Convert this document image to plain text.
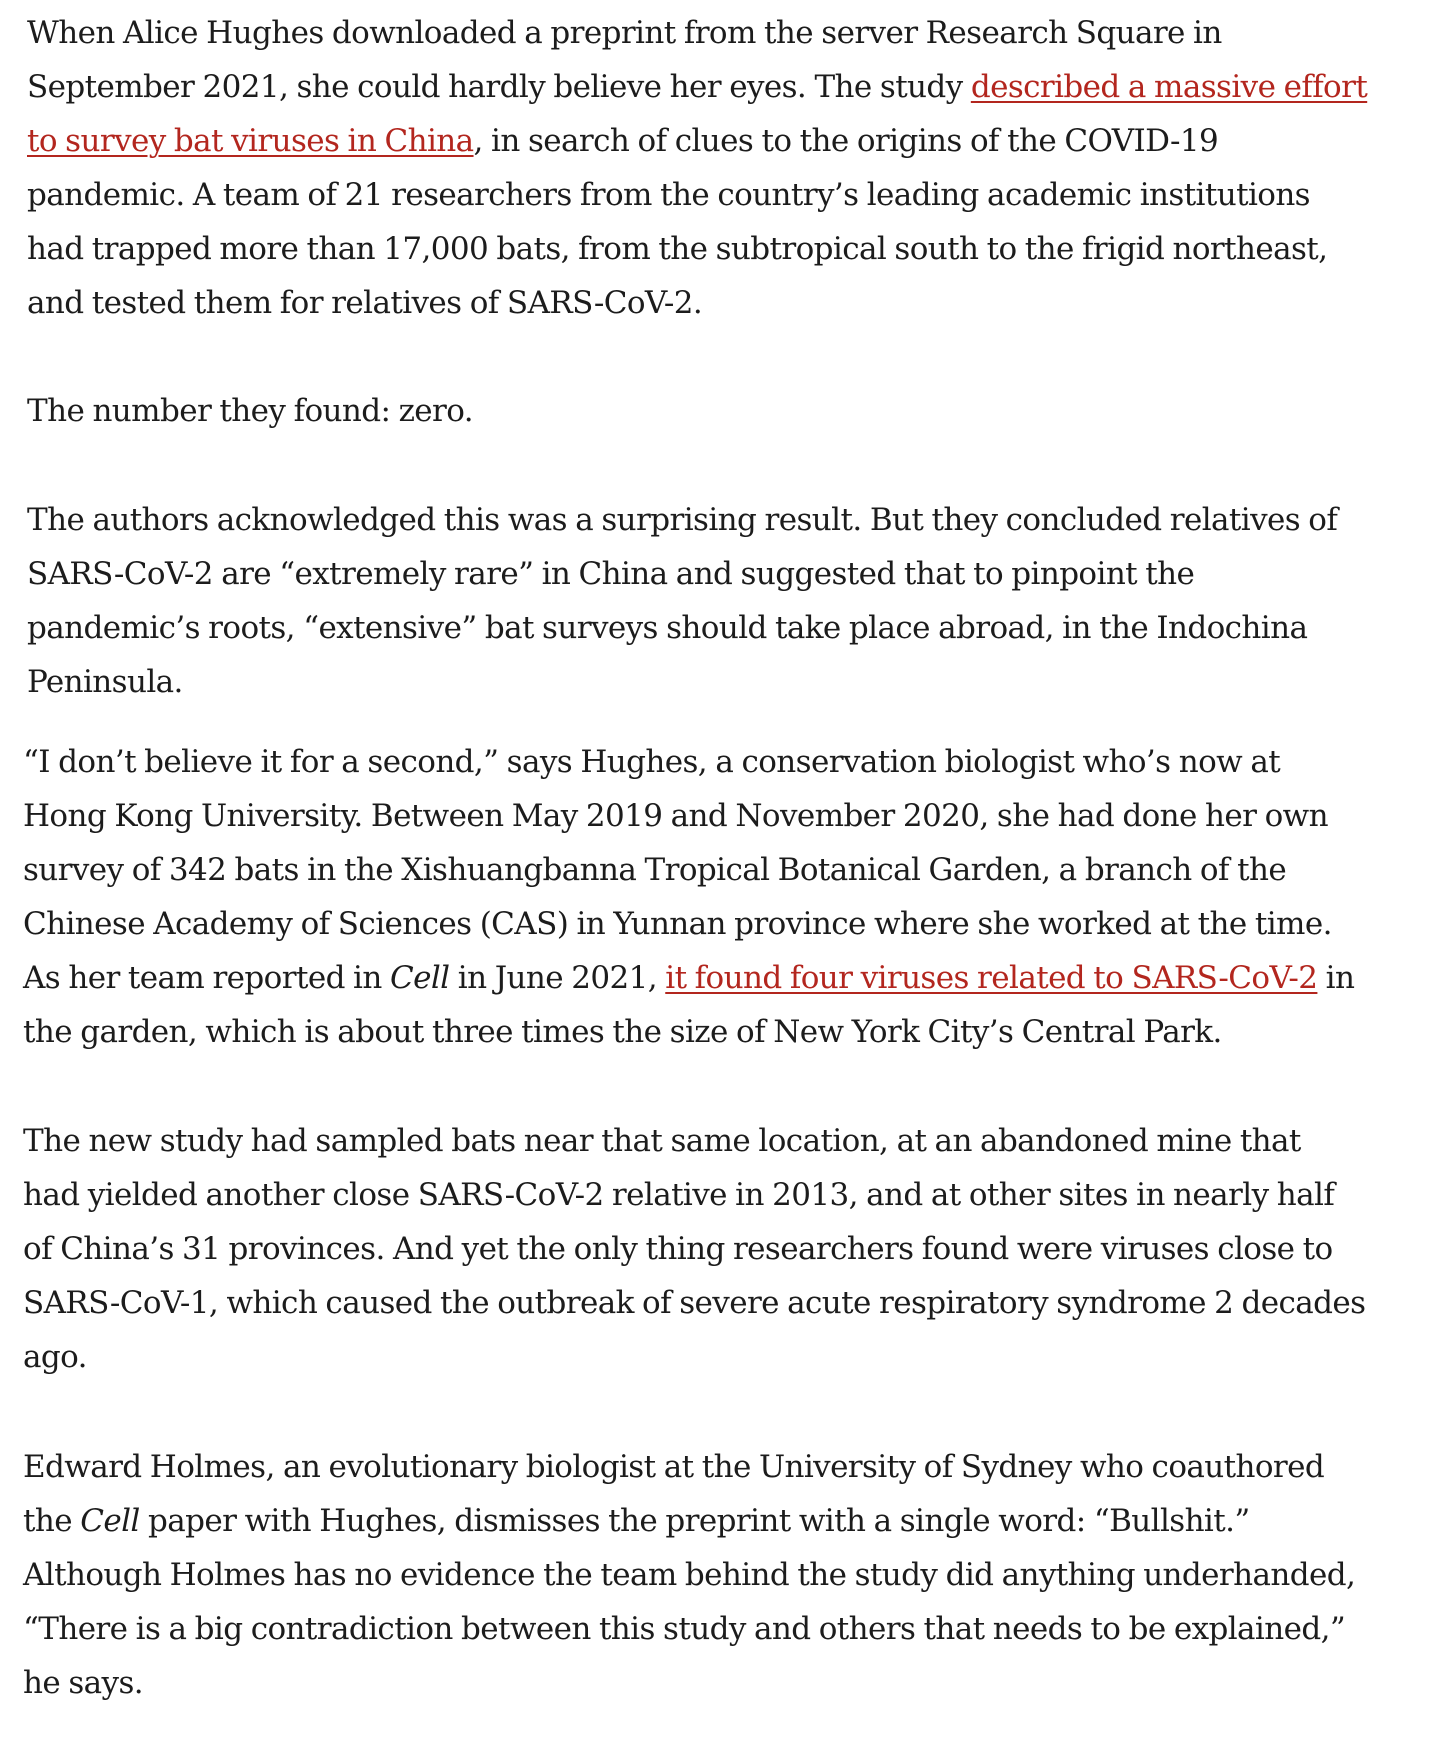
When Alice Hughes downloaded a preprint from the server Research Square in
September 2021, she could hardly believe her eyes. The study described a massive effort
to survey bat viruses in China, in search of clues to the origins of the COVID-19
pandemic. A team of 21 researchers from the country’s leading academic institutions
had trapped more than 17,000 bats, from the subtropical south to the frigid northeast,
and tested them for relatives of SARS-CoV-2.

The number they found: zero.

The authors acknowledged this was a surprising result. But they concluded relatives of
SARS-CoV-2 are “extremely rare” in China and suggested that to pinpoint the
pandemic’s roots, “extensive” bat surveys should take place abroad, in the Indochina
Peninsula.

“I don’t believe it for a second,” says Hughes, a conservation biologist who’s now at
Hong Kong University. Between May 2019 and November 2020, she had done her own
survey of 342 bats in the Xishuangbanna Tropical Botanical Garden, a branch of the
Chinese Academy of Sciences (CAS) in Yunnan province where she worked at the time.
As her team reported in Cell in June 2021, it found four viruses related to SARS-CoV-2 in
the garden, which is about three times the size of New York City’s Central Park.

The new study had sampled bats near that same location, at an abandoned mine that
had yielded another close SARS-CoV-2 relative in 2013, and at other sites in nearly half
of China’s 31 provinces. And yet the only thing researchers found were viruses close to
SARS-CoV-1, which caused the outbreak of severe acute respiratory syndrome 2 decades
ago.

Edward Holmes, an evolutionary biologist at the University of Sydney who coauthored
the Cell paper with Hughes, dismisses the preprint with a single word: “Bullshit.”
Although Holmes has no evidence the team behind the study did anything underhanded,
“There is a big contradiction between this study and others that needs to be explained,”
he says.
